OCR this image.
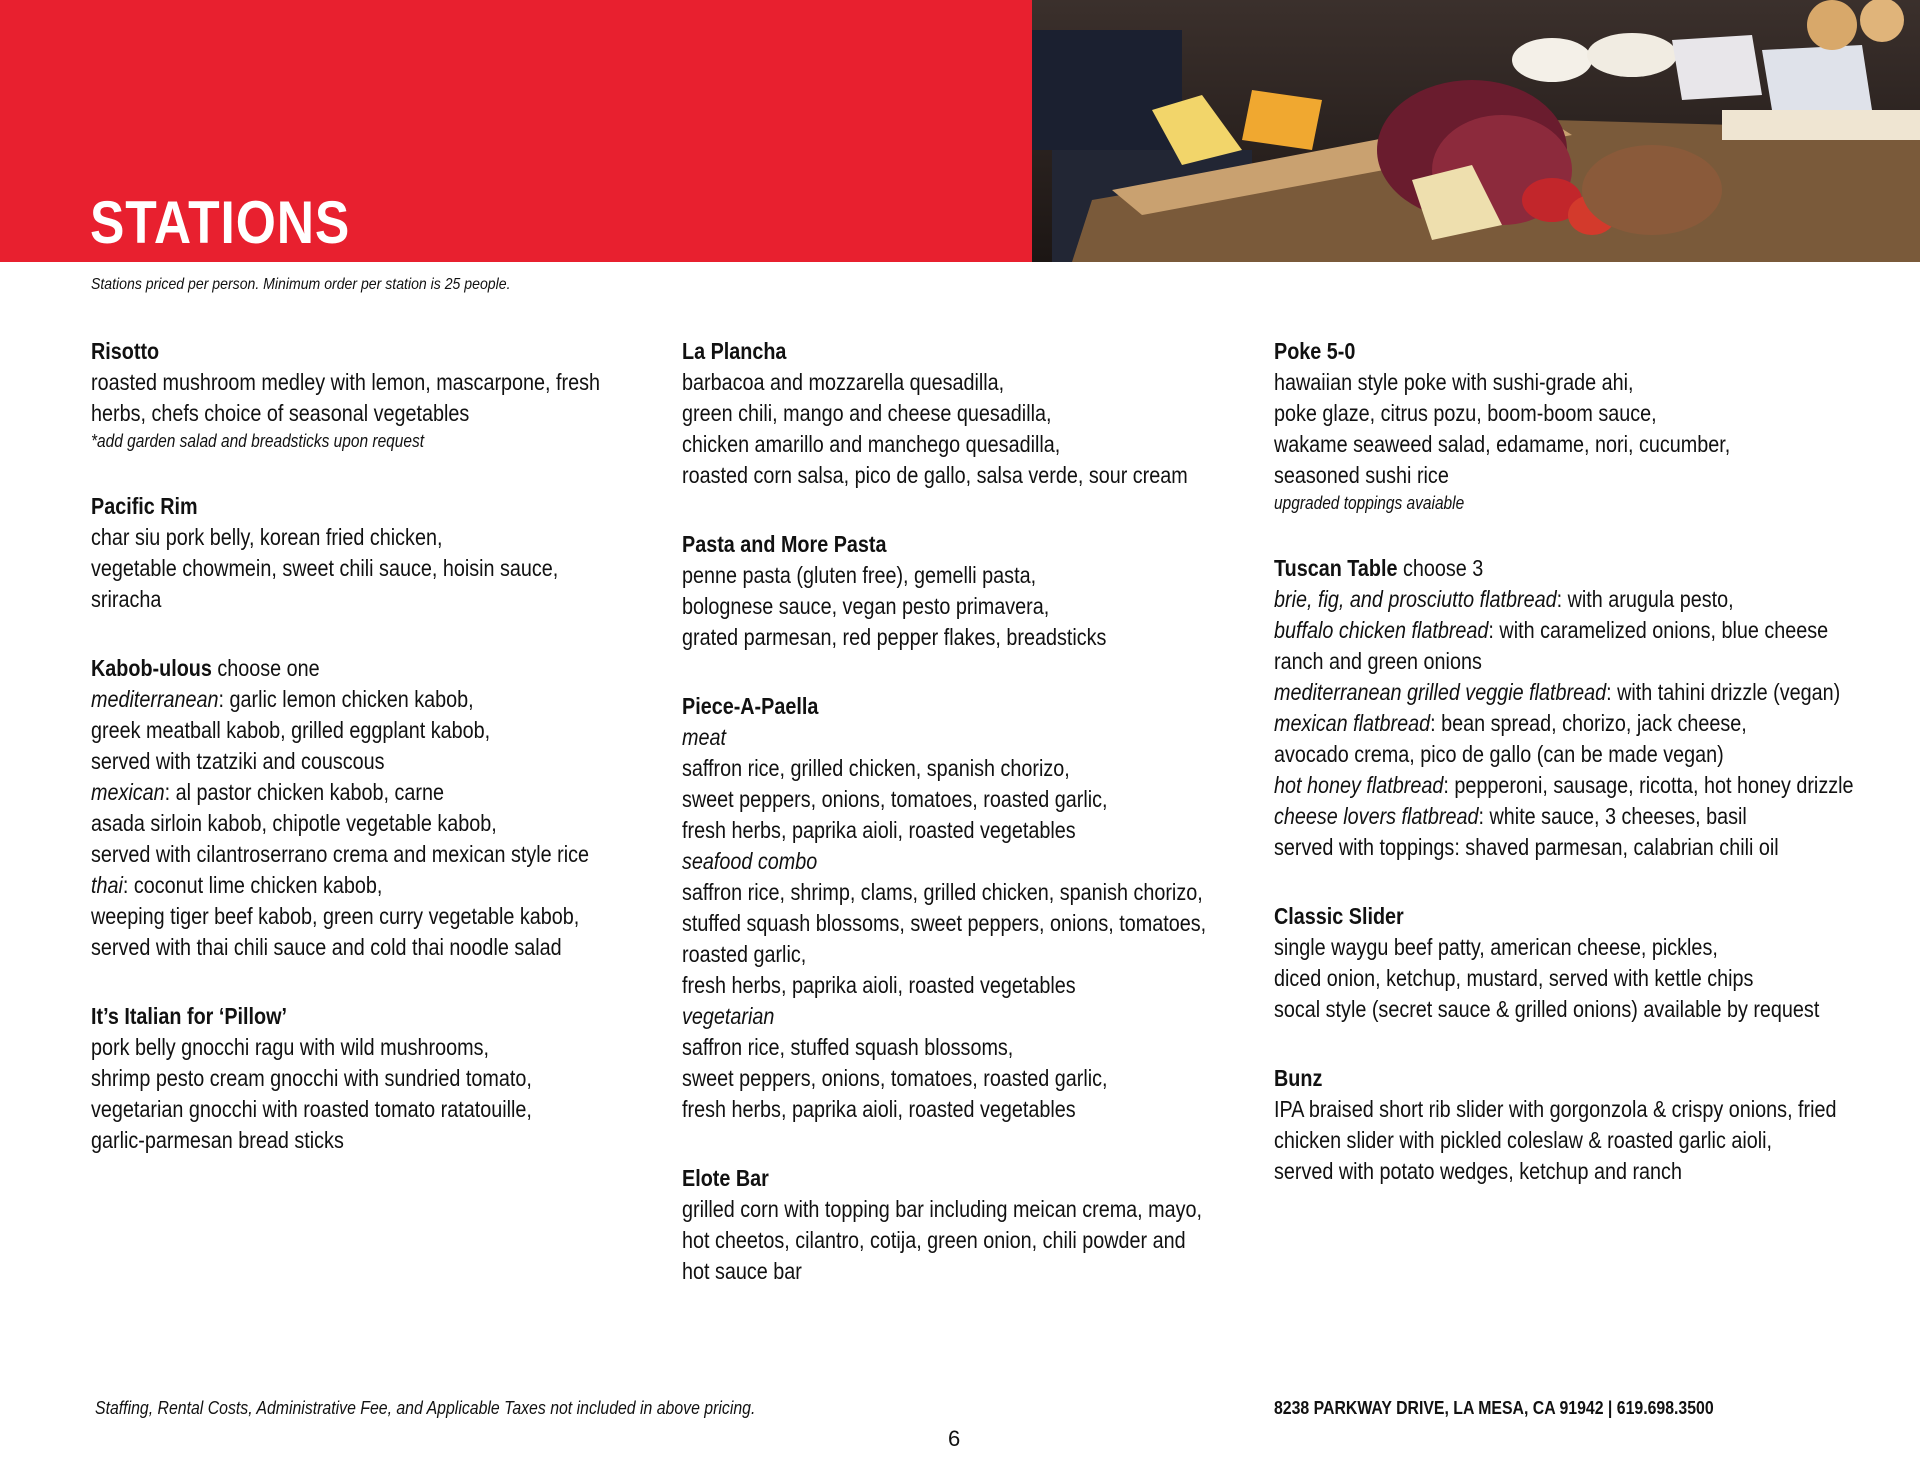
STATIONS
Stations priced per person. Minimum order per station is 25 people.
Risotto
roasted mushroom medley with lemon, mascarpone, fresh
herbs, chefs choice of seasonal vegetables
*add garden salad and breadsticks upon request
Pacific Rim
char siu pork belly, korean fried chicken,
vegetable chowmein, sweet chili sauce, hoisin sauce,
sriracha
Kabob-ulous choose one
mediterranean: garlic lemon chicken kabob,
greek meatball kabob, grilled eggplant kabob,
served with tzatziki and couscous
mexican: al pastor chicken kabob, carne
asada sirloin kabob, chipotle vegetable kabob,
served with cilantroserrano crema and mexican style rice
thai: coconut lime chicken kabob,
weeping tiger beef kabob, green curry vegetable kabob,
served with thai chili sauce and cold thai noodle salad
It’s Italian for ‘Pillow’
pork belly gnocchi ragu with wild mushrooms,
shrimp pesto cream gnocchi with sundried tomato,
vegetarian gnocchi with roasted tomato ratatouille,
garlic-parmesan bread sticks
La Plancha
barbacoa and mozzarella quesadilla,
green chili, mango and cheese quesadilla,
chicken amarillo and manchego quesadilla,
roasted corn salsa, pico de gallo, salsa verde, sour cream
Pasta and More Pasta
penne pasta (gluten free), gemelli pasta,
bolognese sauce, vegan pesto primavera,
grated parmesan, red pepper flakes, breadsticks
Piece-A-Paella
meat
saffron rice, grilled chicken, spanish chorizo,
sweet peppers, onions, tomatoes, roasted garlic,
fresh herbs, paprika aioli, roasted vegetables
seafood combo
saffron rice, shrimp, clams, grilled chicken, spanish chorizo,
stuffed squash blossoms, sweet peppers, onions, tomatoes,
roasted garlic,
fresh herbs, paprika aioli, roasted vegetables
vegetarian
saffron rice, stuffed squash blossoms,
sweet peppers, onions, tomatoes, roasted garlic,
fresh herbs, paprika aioli, roasted vegetables
Elote Bar
grilled corn with topping bar including meican crema, mayo,
hot cheetos, cilantro, cotija, green onion, chili powder and
hot sauce bar
Poke 5-0
hawaiian style poke with sushi-grade ahi,
poke glaze, citrus pozu, boom-boom sauce,
wakame seaweed salad, edamame, nori, cucumber,
seasoned sushi rice
upgraded toppings avaiable
Tuscan Table choose 3
brie, fig, and prosciutto flatbread: with arugula pesto,
buffalo chicken flatbread: with caramelized onions, blue cheese
ranch and green onions
mediterranean grilled veggie flatbread: with tahini drizzle (vegan)
mexican flatbread: bean spread, chorizo, jack cheese,
avocado crema, pico de gallo (can be made vegan)
hot honey flatbread: pepperoni, sausage, ricotta, hot honey drizzle
cheese lovers flatbread: white sauce, 3 cheeses, basil
served with toppings: shaved parmesan, calabrian chili oil
Classic Slider
single waygu beef patty, american cheese, pickles,
diced onion, ketchup, mustard, served with kettle chips
socal style (secret sauce & grilled onions) available by request
Bunz
IPA braised short rib slider with gorgonzola & crispy onions, fried
chicken slider with pickled coleslaw & roasted garlic aioli,
served with potato wedges, ketchup and ranch
Staffing, Rental Costs, Administrative Fee, and Applicable Taxes not included in above pricing.	8238 PARKWAY DRIVE, LA MESA, CA 91942 | 619.698.3500
6
